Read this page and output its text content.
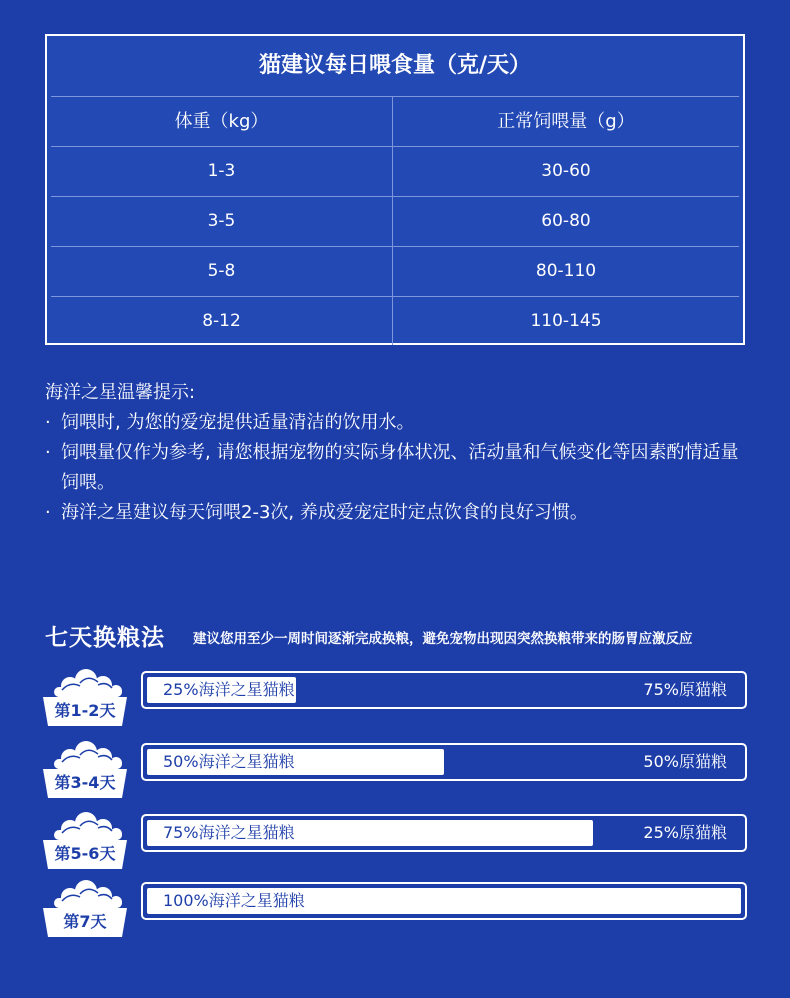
猫建议每日喂食量（克/天）
体重（kg）	正常饲喂量（g）
1-3	30-60
3-5	60-80
5-8	80-110
8-12	110-145
海洋之星温馨提示:
· 饲喂时, 为您的爱宠提供适量清洁的饮用水。
· 饲喂量仅作为参考, 请您根据宠物的实际身体状况、活动量和气候变化等因素酌情适量饲喂。
· 海洋之星建议每天饲喂2-3次, 养成爱宠定时定点饮食的良好习惯。
七天换粮法 建议您用至少一周时间逐渐完成换粮，避免宠物出现因突然换粮带来的肠胃应激反应
第1-2天
25%海洋之星猫粮	75%原猫粮
第3-4天
50%海洋之星猫粮	50%原猫粮
第5-6天
75%海洋之星猫粮	25%原猫粮
第7天
100%海洋之星猫粮
